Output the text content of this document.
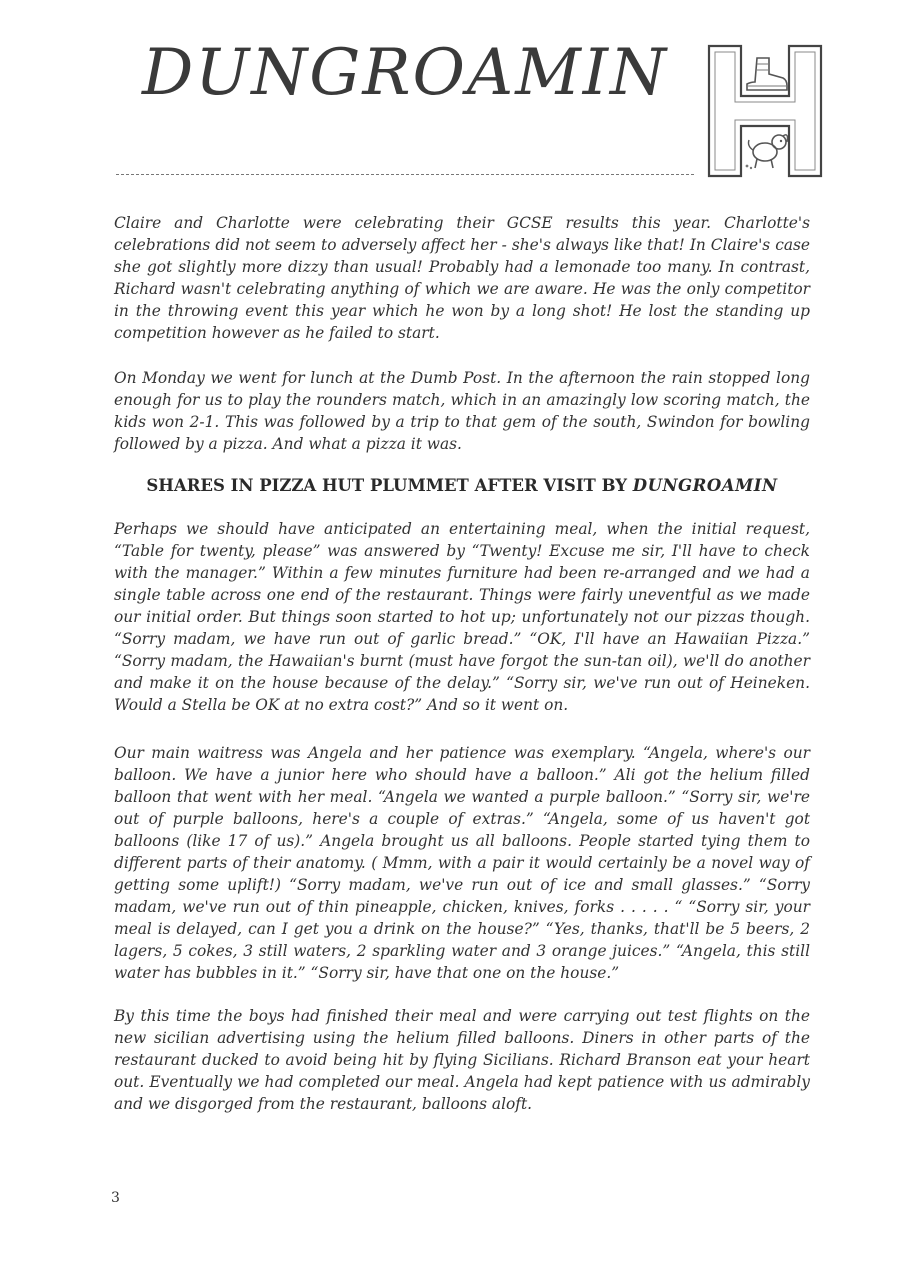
DUNGROAMIN
H

Claire and Charlotte were celebrating their GCSE results this year. Charlotte's celebrations did not seem to adversely affect her - she's always like that! In Claire's case she got slightly more dizzy than usual! Probably had a lemonade too many. In contrast, Richard wasn't celebrating anything of which we are aware. He was the only competitor in the throwing event this year which he won by a long shot! He lost the standing up competition however as he failed to start.

On Monday we went for lunch at the Dumb Post. In the afternoon the rain stopped long enough for us to play the rounders match, which in an amazingly low scoring match, the kids won 2-1. This was followed by a trip to that gem of the south, Swindon for bowling followed by a pizza. And what a pizza it was.

SHARES IN PIZZA HUT PLUMMET AFTER VISIT BY DUNGROAMIN

Perhaps we should have anticipated an entertaining meal, when the initial request, “Table for twenty, please” was answered by “Twenty! Excuse me sir, I'll have to check with the manager.” Within a few minutes furniture had been re-arranged and we had a single table across one end of the restaurant. Things were fairly uneventful as we made our initial order. But things soon started to hot up; unfortunately not our pizzas though. “Sorry madam, we have run out of garlic bread.” “OK, I'll have an Hawaiian Pizza.” “Sorry madam, the Hawaiian's burnt (must have forgot the sun-tan oil), we'll do another and make it on the house because of the delay.” “Sorry sir, we've run out of Heineken. Would a Stella be OK at no extra cost?” And so it went on.

Our main waitress was Angela and her patience was exemplary. “Angela, where's our balloon. We have a junior here who should have a balloon.” Ali got the helium filled balloon that went with her meal. “Angela we wanted a purple balloon.” “Sorry sir, we're out of purple balloons, here's a couple of extras.” “Angela, some of us haven't got balloons (like 17 of us).” Angela brought us all balloons. People started tying them to different parts of their anatomy. ( Mmm, with a pair it would certainly be a novel way of getting some uplift!) “Sorry madam, we've run out of ice and small glasses.” “Sorry madam, we've run out of thin pineapple, chicken, knives, forks . . . . . “ “Sorry sir, your meal is delayed, can I get you a drink on the house?” “Yes, thanks, that'll be 5 beers, 2 lagers, 5 cokes, 3 still waters, 2 sparkling water and 3 orange juices.” “Angela, this still water has bubbles in it.” “Sorry sir, have that one on the house.”

By this time the boys had finished their meal and were carrying out test flights on the new sicilian advertising using the helium filled balloons. Diners in other parts of the restaurant ducked to avoid being hit by flying Sicilians. Richard Branson eat your heart out. Eventually we had completed our meal. Angela had kept patience with us admirably and we disgorged from the restaurant, balloons aloft.

3
